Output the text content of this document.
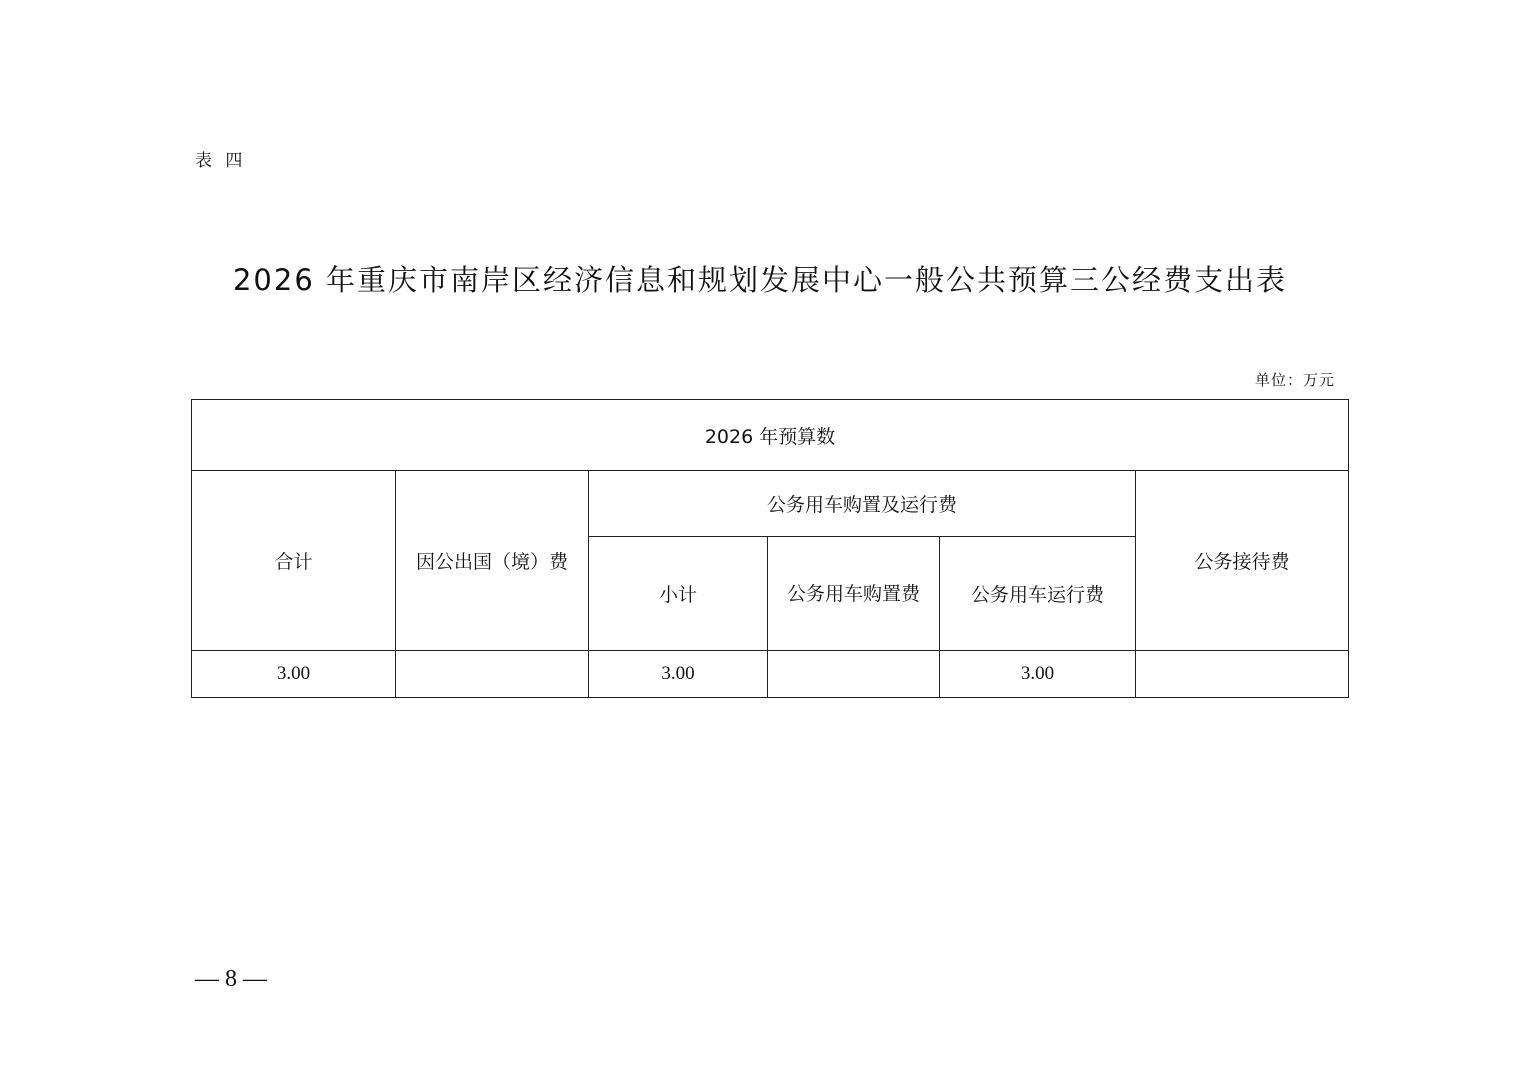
表 四
2026 年重庆市南岸区经济信息和规划发展中心一般公共预算三公经费支出表
单位：万元
2026 年预算数					
合计	因公出国（境）费	公务用车购置及运行费			公务接待费
		小计	公务用车购置费	公务用车运行费	
3.00		3.00		3.00	
— 8 —
